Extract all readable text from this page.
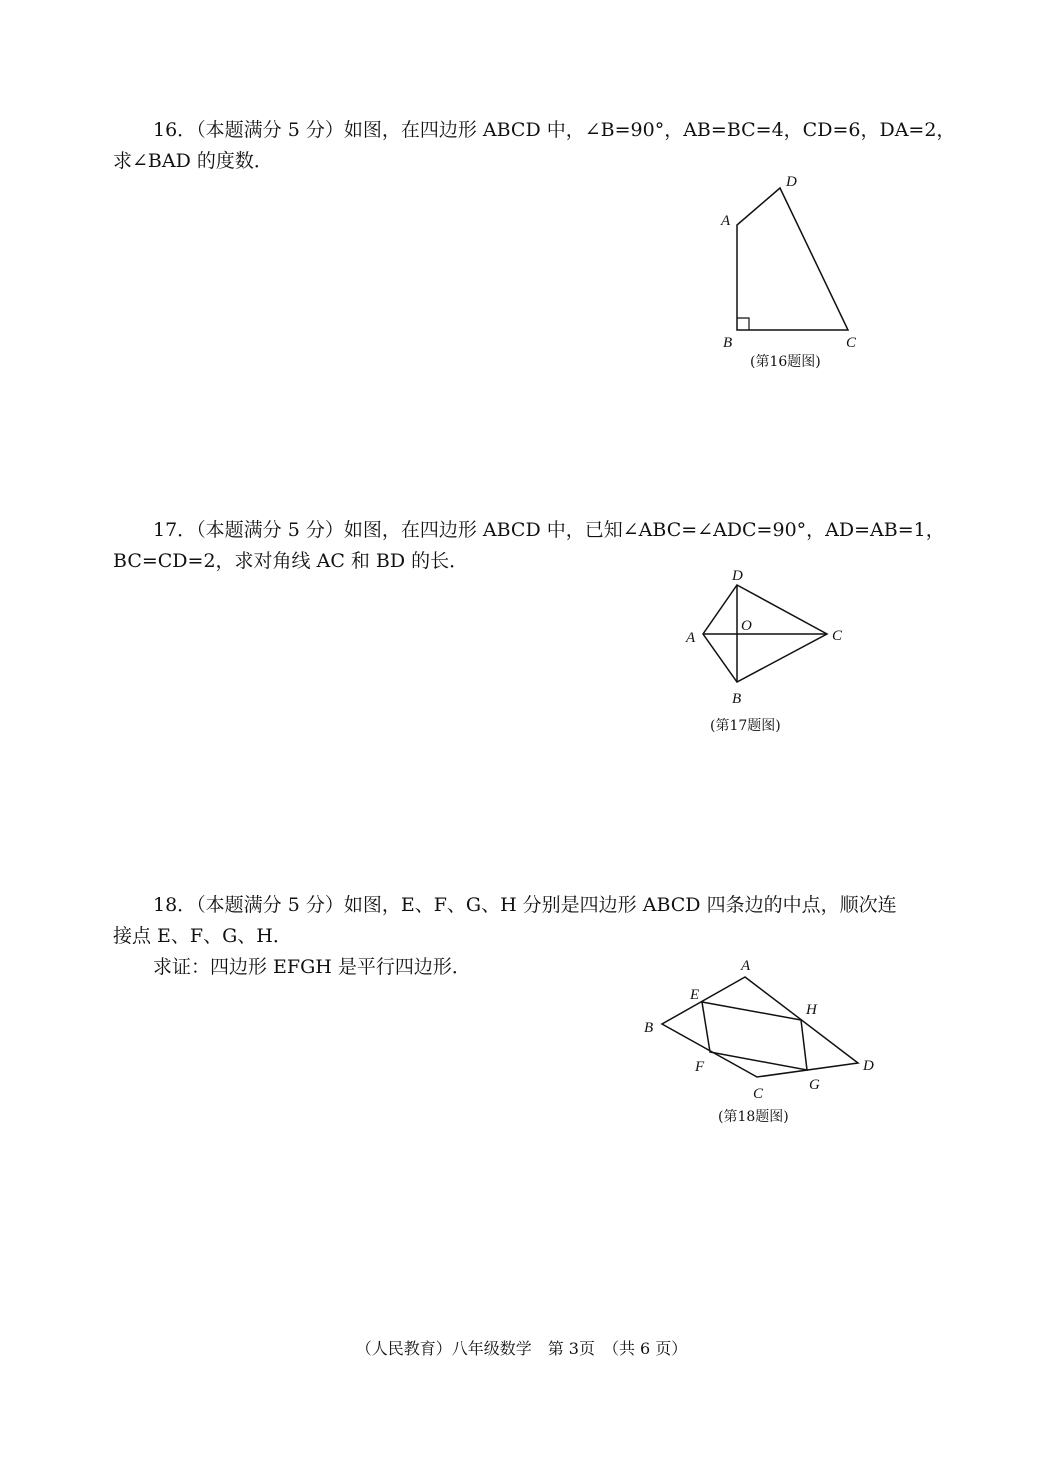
16．（本题满分 5 分）如图，在四边形 ABCD 中，∠B=90°，AB=BC=4，CD=6，DA=2，

求∠BAD 的度数．

A
D
B	C
(第16题图)

17．（本题满分 5 分）如图，在四边形 ABCD 中，已知∠ABC=∠ADC=90°，AD=AB=1，

BC=CD=2，求对角线 AC 和 BD 的长．

D
A
O
C
B
(第17题图)

18．（本题满分 5 分）如图，E、F、G、H 分别是四边形 ABCD 四条边的中点，顺次连

接点 E、F、G、H．

求证：四边形 EFGH 是平行四边形．	A
E
H
B
D
F
G
C
(第18题图)
（人民教育）八年级数学　第 3页　（共 6 页）
